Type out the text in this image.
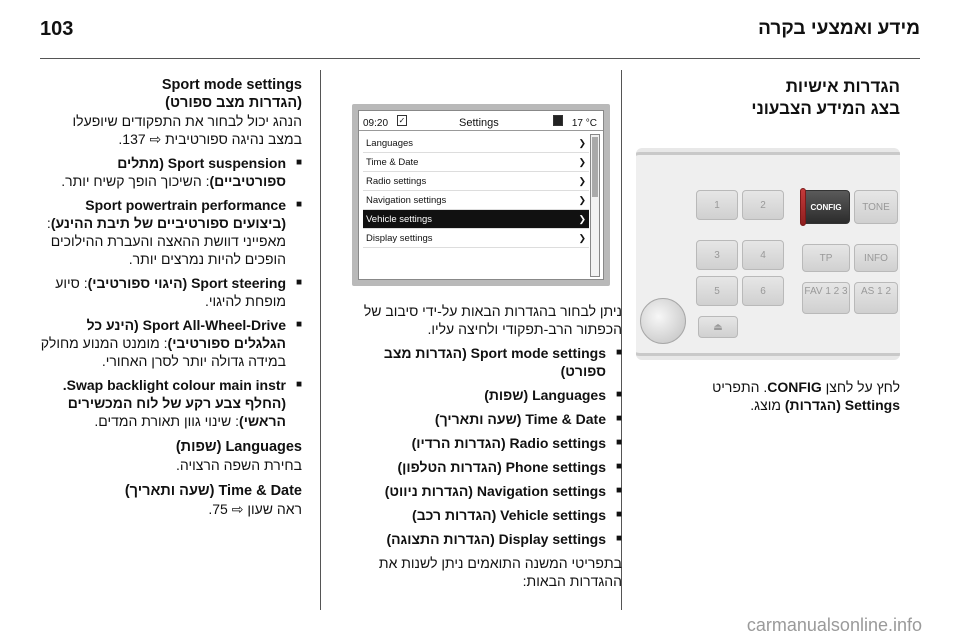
103	מידע ואמצעי בקרה
הגדרות אישיות
בצג המידע הצבעוני
1	2
3	4
5	6
CONFIG	TONE
TP	INFO
FAV 1 2 3	AS 1 2
⏏

לחץ על לחצן CONFIG. התפריט
Settings (הגדרות) מוצג.

09:20 ✓	Settings	17 °C
Languages	❯
Time & Date	❯
Radio settings	❯
Navigation settings	❯
Vehicle settings	❯
Display settings	❯

ניתן לבחור בהגדרות הבאות על-ידי סיבוב של הכפתור הרב-תפקודי ולחיצה עליו.

■ Sport mode settings (הגדרות מצב ספורט)

■ Languages (שפות)

■ Time & Date (שעה ותאריך)

■ Radio settings (הגדרות הרדיו)

■ Phone settings (הגדרות הטלפון)

■ Navigation settings (הגדרות ניווט)

■ Vehicle settings (הגדרות רכב)

■ Display settings (הגדרות התצוגה)

בתפריטי המשנה התואמים ניתן לשנות את ההגדרות הבאות:

Sport mode settings
(הגדרות מצב ספורט)

הנהג יכול לבחור את התפקודים שיופעלו במצב נהיגה ספורטיבית ⇨ 137.

■ Sport suspension (מתלים ספורטיביים): השיכוך הופך קשיח יותר.

■ Sport powertrain performance (ביצועים ספורטיביים של תיבת ההינע): מאפייני דוושת ההאצה והעברת ההילוכים הופכים להיות נמרצים יותר.

■ Sport steering (היגוי ספורטיבי): סיוע מופחת להיגוי.

■ Sport All-Wheel-Drive (הינע כל הגלגלים ספורטיבי): מומנט המנוע מחולק במידה גדולה יותר לסרן האחורי.

■ Swap backlight colour main instr. (החלף צבע רקע של לוח המכשירים הראשי): שינוי גוון תאורת המדים.

Languages (שפות)

בחירת השפה הרצויה.

Time & Date (שעה ותאריך)

ראה שעון ⇨ 75.

carmanualsonline.info
